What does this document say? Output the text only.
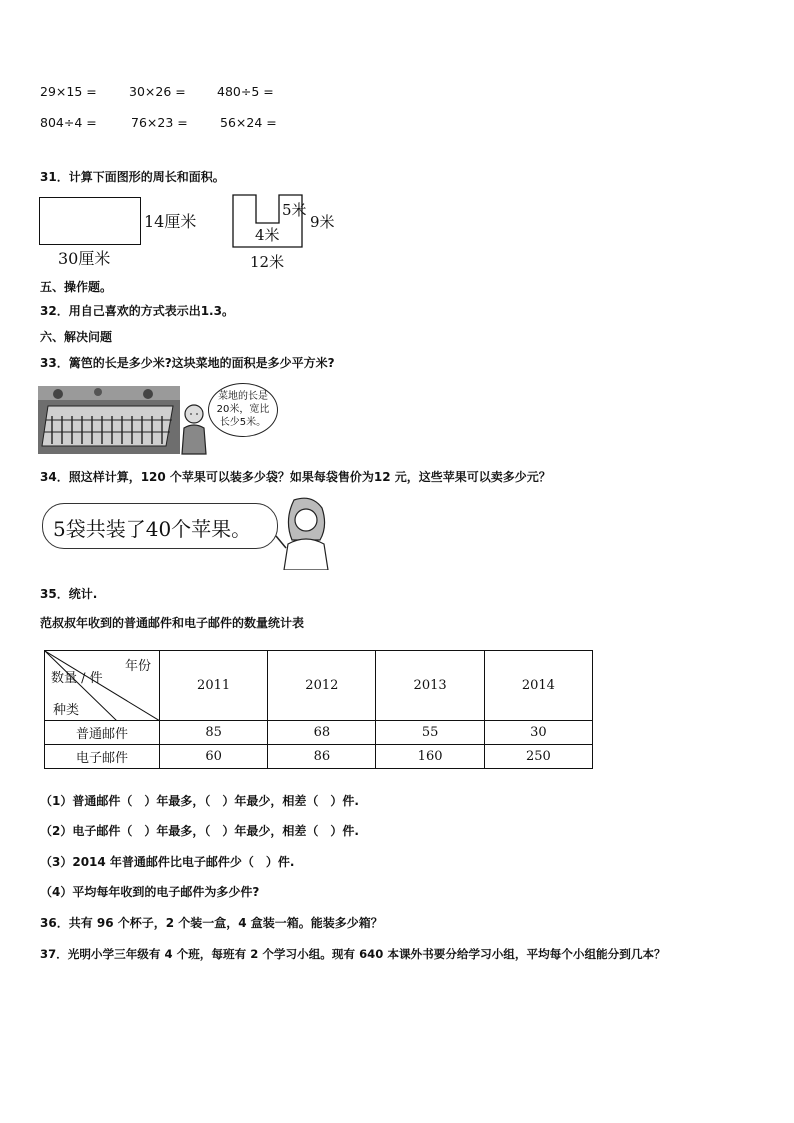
29×15 =	30×26 =	480÷5 =
804÷4 =	76×23 =	56×24 =
31．计算下面图形的周长和面积。
14厘米
30厘米
5米
4米
9米
12米
五、操作题。
32．用自己喜欢的方式表示出1.3。
六、解决问题
33．篱笆的长是多少米?这块菜地的面积是多少平方米?
菜地的长是
20米，宽比
长少5米。
34．照这样计算，120 个苹果可以装多少袋？如果每袋售价为12 元，这些苹果可以卖多少元？
5袋共装了40个苹果。
35．统计.
范叔叔年收到的普通邮件和电子邮件的数量统计表
年份
数量 / 件
种类	2011	2012	2013	2014
普通邮件	85	68	55	30
电子邮件	60	86	160	250
（1）普通邮件（　）年最多，（　）年最少，相差（　）件.
（2）电子邮件（　）年最多，（　）年最少，相差（　）件.
（3）2014 年普通邮件比电子邮件少（　）件.
（4）平均每年收到的电子邮件为多少件?
36．共有 96 个杯子，2 个装一盒，4 盒装一箱。能装多少箱？
37．光明小学三年级有 4 个班，每班有 2 个学习小组。现有 640 本课外书要分给学习小组，平均每个小组能分到几本？
